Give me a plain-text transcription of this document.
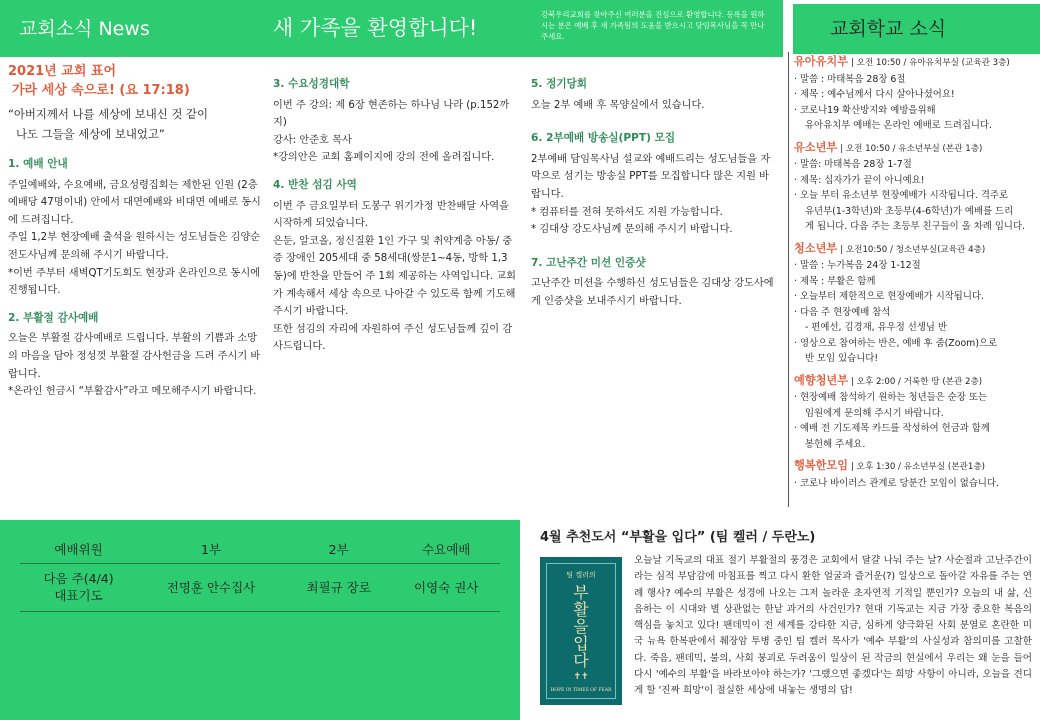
교회소식 News	새 가족을 환영합니다!
강북우리교회를 찾아주신 여러분을 진심으로 환영합니다. 등록을 원하시는 분은 예배 후 새 가족팀의 도움을 받으시고 담임목사님을 꼭 만나주세요.	교회학교 소식
2021년 교회 표어
가라 세상 속으로! (요 17:18)
“아버지께서 나를 세상에 보내신 것 같이
나도 그들을 세상에 보내었고”
1. 예배 안내
주일예배와, 수요예배, 금요성령집회는 제한된 인원 (2층 예배당 47명이내) 안에서 대면예배와 비대면 예배로 동시에 드려집니다.
주일 1,2부 현장예배 출석을 원하시는 성도님들은 김양순 전도사님께 문의해 주시기 바랍니다.
*이번 주부터 새벽QT기도회도 현장과 온라인으로 동시에 진행됩니다.
2. 부활절 감사예배
오늘은 부활절 감사예배로 드립니다. 부활의 기쁨과 소망의 마음을 담아 정성껏 부활절 감사헌금을 드려 주시기 바랍니다.
*온라인 헌금시 “부활감사”라고 메모해주시기 바랍니다.
3. 수요성경대학
이번 주 강의: 제 6장 현존하는 하나님 나라 (p.152까지)
강사: 안준호 목사
*강의안은 교회 홈페이지에 강의 전에 올려집니다.
4. 반찬 섬김 사역
이번 주 금요일부터 도봉구 위기가정 반찬배달 사역을 시작하게 되었습니다.
은둔, 알코올, 정신질환 1인 가구 및 취약계층 아동/ 중증 장애인 205세대 중 58세대(쌍문1~4동, 방학 1,3동)에 반찬을 만들어 주 1회 제공하는 사역입니다. 교회가 계속해서 세상 속으로 나아갈 수 있도록 함께 기도해 주시기 바랍니다.
또한 섬김의 자리에 자원하여 주신 성도님들께 깊이 감사드립니다.
5. 정기당회
오늘 2부 예배 후 목양실에서 있습니다.
6. 2부예배 방송실(PPT) 모집
2부예배 담임목사님 설교와 예배드리는 성도님들을 자막으로 섬기는 방송실 PPT를 모집합니다 많은 지원 바랍니다.
* 컴퓨터를 전혀 못하셔도 지원 가능합니다.
* 김대상 강도사님께 문의해 주시기 바랍니다.
7. 고난주간 미션 인증샷
고난주간 미션을 수행하신 성도님들은 김대상 강도사에게 인증샷을 보내주시기 바랍니다.
유아유치부 | 오전 10:50 / 유아유치부실 (교육관 3층)
· 말씀 : 마태복음 28장 6절
· 제목 : 예수님께서 다시 살아나셨어요!
· 코로나19 확산방지와 예방을위해
유아유치부 예배는 온라인 예배로 드려집니다.
유소년부 | 오전 10:50 / 유소년부실 (본관 1층)
· 말씀: 마태복음 28장 1-7절
· 제목: 십자가가 끝이 아니예요!
· 오늘 부터 유소년부 현장예배가 시작됩니다. 격주로
유년부(1-3학년)와 초등부(4-6학년)가 예배를 드리
게 됩니다. 다음 주는 초등부 친구들이 올 차례 입니다.
청소년부 | 오전10:50 / 청소년부실(교육관 4층)
· 말씀 : 누가복음 24장 1-12절
· 제목 : 부활은 함께
· 오늘부터 제한적으로 현장예배가 시작됩니다.
· 다음 주 현장예배 참석
- 편예선, 김경재, 유우정 선생님 반
· 영상으로 참여하는 반은, 예배 후 줌(Zoom)으로
반 모임 있습니다!
예향청년부 | 오후 2:00 / 거룩한 땅 (본관 2층)
· 현장예배 참석하기 원하는 청년들은 순장 또는
임원에게 문의해 주시기 바랍니다.
· 예배 전 기도제목 카드를 작성하여 헌금과 함께
봉헌해 주세요.
행복한모임 | 오후 1:30 / 유소년부실 (본관1층)
· 코로나 바이러스 관계로 당분간 모임이 없습니다.
예배위원	1부	2부	수요예배

다음 주(4/4)
대표기도	전명훈 안수집사	최필규 장로	이영숙 권사
4월 추천도서 “부활을 입다” (팀 켈러 / 두란노)
팀 켈러의
부
활
을
입
다
✝✝
HOPE IN TIMES OF FEAR
오늘날 기독교의 대표 절기 부활절의 풍경은 교회에서 달걀 나눠 주는 날? 사순절과 고난주간이라는 심적 부담감에 마침표를 찍고 다시 환한 얼굴과 즐거운(?) 일상으로 돌아갈 자유를 주는 연례 행사? 예수의 부활은 성경에 나오는 그저 놀라운 초자연적 기적일 뿐인가? 오늘의 내 삶, 신음하는 이 시대와 별 상관없는 한낱 과거의 사건인가? 현대 기독교는 지금 가장 중요한 복음의 핵심을 놓치고 있다! 팬데믹이 전 세계를 강타한 지금, 심하게 양극화된 사회 분열로 혼란한 미국 뉴욕 한복판에서 췌장암 투병 중인 팀 켈러 목사가 '예수 부활'의 사실성과 참의미를 고찰한다. 죽음, 팬데믹, 불의, 사회 붕괴로 두려움이 일상이 된 작금의 현실에서 우리는 왜 눈을 들어 다시 '예수의 부활'을 바라보아야 하는가? '그랬으면 좋겠다'는 희망 사항이 아니라, 오늘을 견디게 할 '진짜 희망'이 절실한 세상에 내놓는 생명의 답!
